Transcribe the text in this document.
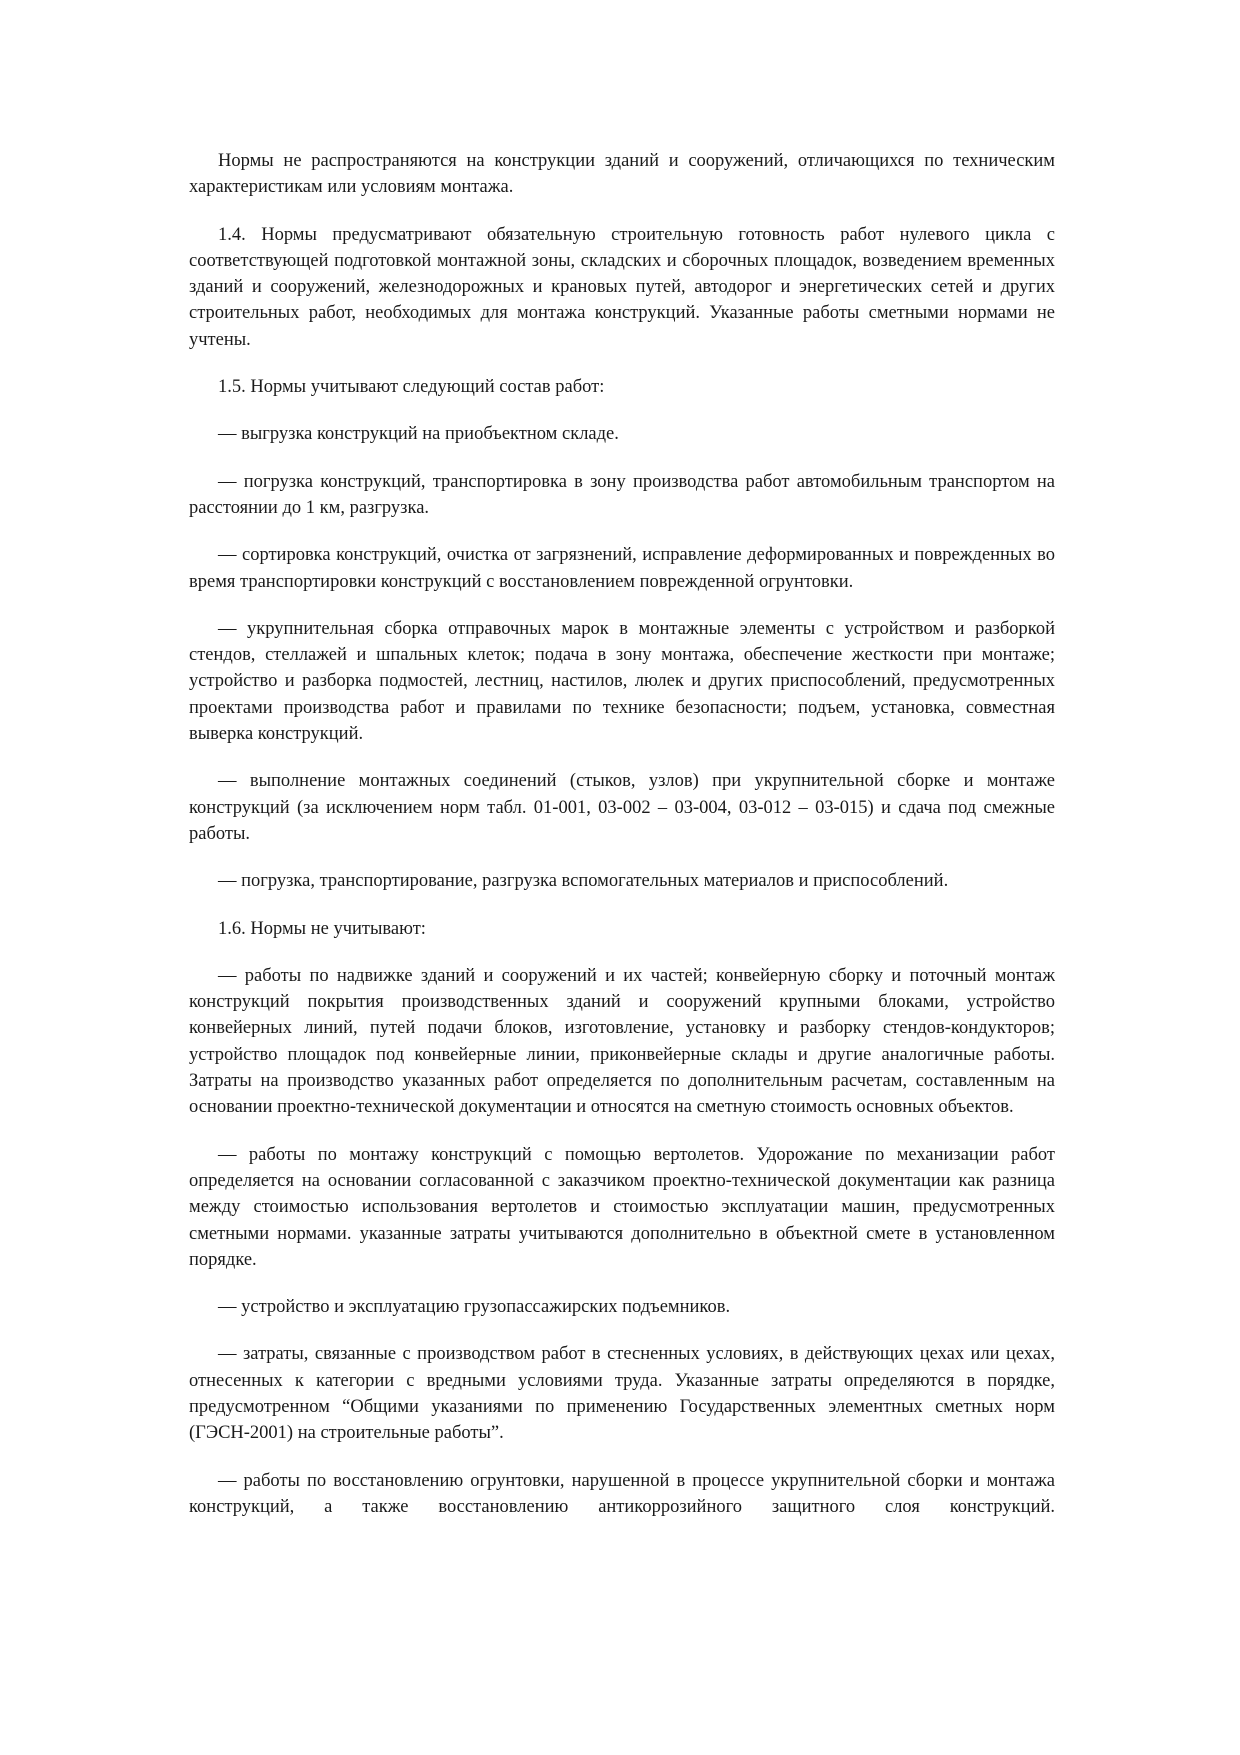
Нормы не распространяются на конструкции зданий и сооружений, отличающихся по техническим характеристикам или условиям монтажа.

1.4. Нормы предусматривают обязательную строительную готовность работ нулевого цикла с соответствующей подготовкой монтажной зоны, складских и сборочных площадок, возведением временных зданий и сооружений, железнодорожных и крановых путей, автодорог и энергетических сетей и других строительных работ, необходимых для монтажа конструкций. Указанные работы сметными нормами не учтены.

1.5. Нормы учитывают следующий состав работ:

— выгрузка конструкций на приобъектном складе.

— погрузка конструкций, транспортировка в зону производства работ автомобильным транспортом на расстоянии до 1 км, разгрузка.

— сортировка конструкций, очистка от загрязнений, исправление деформированных и поврежденных во время транспортировки конструкций с восстановлением поврежденной огрунтовки.

— укрупнительная сборка отправочных марок в монтажные элементы с устройством и разборкой стендов, стеллажей и шпальных клеток; подача в зону монтажа, обеспечение жесткости при монтаже; устройство и разборка подмостей, лестниц, настилов, люлек и других приспособлений, предусмотренных проектами производства работ и правилами по технике безопасности; подъем, установка, совместная выверка конструкций.

— выполнение монтажных соединений (стыков, узлов) при укрупнительной сборке и монтаже конструкций (за исключением норм табл. 01-001, 03-002 – 03-004, 03-012 – 03-015) и сдача под смежные работы.

— погрузка, транспортирование, разгрузка вспомогательных материалов и приспособлений.

1.6. Нормы не учитывают:

— работы по надвижке зданий и сооружений и их частей; конвейерную сборку и поточный монтаж конструкций покрытия производственных зданий и сооружений крупными блоками, устройство конвейерных линий, путей подачи блоков, изготовление, установку и разборку стендов-кондукторов; устройство площадок под конвейерные линии, приконвейерные склады и другие аналогичные работы. Затраты на производство указанных работ определяется по дополнительным расчетам, составленным на основании проектно-технической документации и относятся на сметную стоимость основных объектов.

— работы по монтажу конструкций с помощью вертолетов. Удорожание по механизации работ определяется на основании согласованной с заказчиком проектно-технической документации как разница между стоимостью использования вертолетов и стоимостью эксплуатации машин, предусмотренных сметными нормами. указанные затраты учитываются дополнительно в объектной смете в установленном порядке.

— устройство и эксплуатацию грузопассажирских подъемников.

— затраты, связанные с производством работ в стесненных условиях, в действующих цехах или цехах, отнесенных к категории с вредными условиями труда. Указанные затраты определяются в порядке, предусмотренном “Общими указаниями по применению Государственных элементных сметных норм (ГЭСН-2001) на строительные работы”.

— работы по восстановлению огрунтовки, нарушенной в процессе укрупнительной сборки и монтажа конструкций, а также восстановлению антикоррозийного защитного слоя конструкций.
